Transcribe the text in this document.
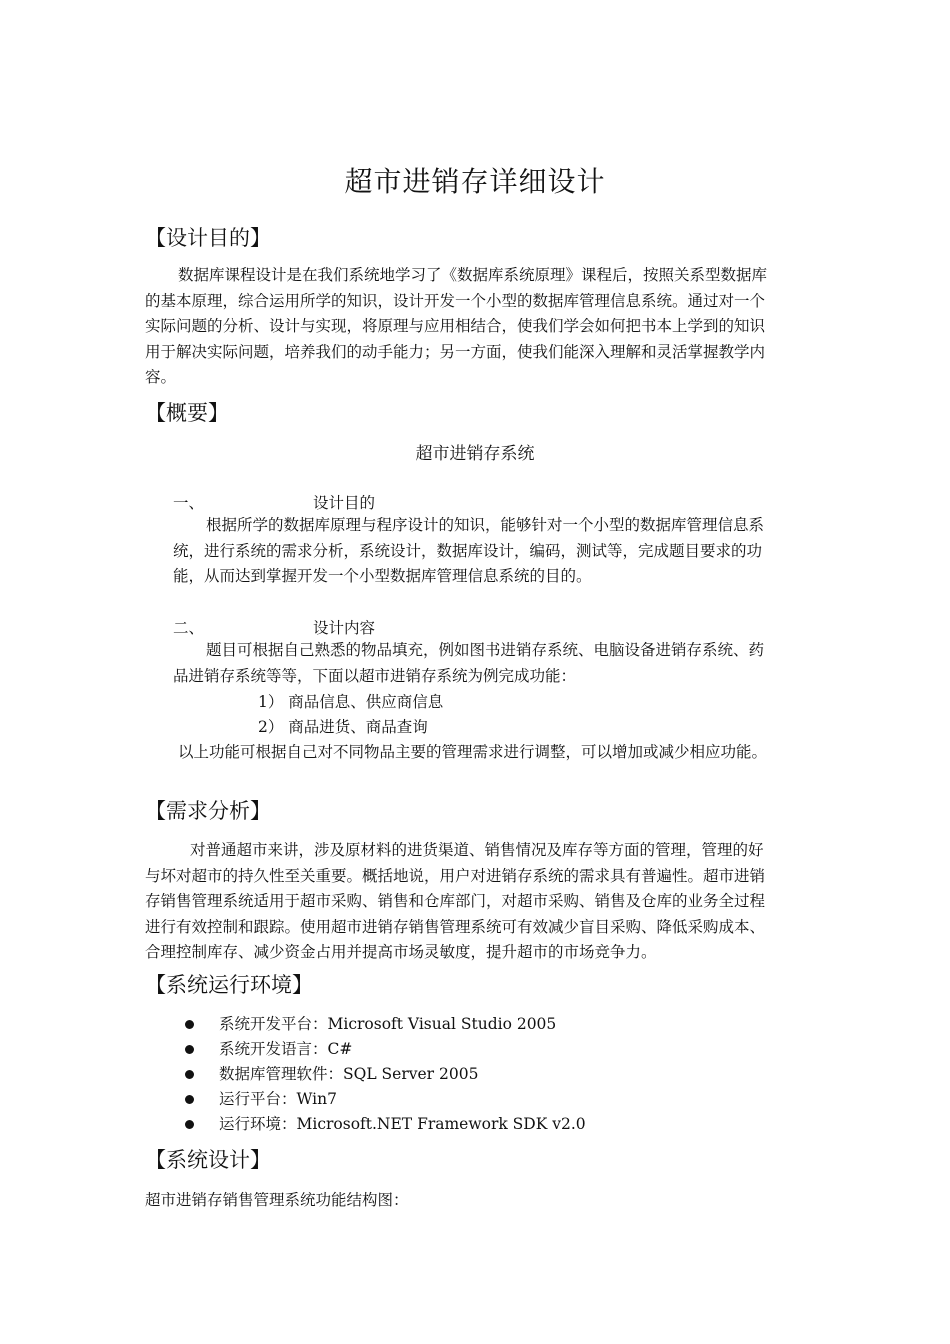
超市进销存详细设计
【设计目的】
数据库课程设计是在我们系统地学习了《数据库系统原理》课程后，按照关系型数据库
的基本原理，综合运用所学的知识，设计开发一个小型的数据库管理信息系统。通过对一个
实际问题的分析、设计与实现，将原理与应用相结合，使我们学会如何把书本上学到的知识
用于解决实际问题，培养我们的动手能力；另一方面，使我们能深入理解和灵活掌握教学内
容。
【概要】
超市进销存系统
一、	设计目的
根据所学的数据库原理与程序设计的知识，能够针对一个小型的数据库管理信息系
统，进行系统的需求分析，系统设计，数据库设计，编码，测试等，完成题目要求的功
能，从而达到掌握开发一个小型数据库管理信息系统的目的。
二、	设计内容
题目可根据自己熟悉的物品填充，例如图书进销存系统、电脑设备进销存系统、药
品进销存系统等等，下面以超市进销存系统为例完成功能：
1） 商品信息、供应商信息
2） 商品进货、商品查询
以上功能可根据自己对不同物品主要的管理需求进行调整，可以增加或减少相应功能。
【需求分析】
对普通超市来讲，涉及原材料的进货渠道、销售情况及库存等方面的管理，管理的好
与坏对超市的持久性至关重要。概括地说，用户对进销存系统的需求具有普遍性。超市进销
存销售管理系统适用于超市采购、销售和仓库部门，对超市采购、销售及仓库的业务全过程
进行有效控制和跟踪。使用超市进销存销售管理系统可有效减少盲目采购、降低采购成本、
合理控制库存、减少资金占用并提高市场灵敏度，提升超市的市场竞争力。
【系统运行环境】
系统开发平台：Microsoft Visual Studio 2005
系统开发语言：C#
数据库管理软件：SQL Server 2005
运行平台：Win7
运行环境：Microsoft.NET Framework SDK v2.0
【系统设计】
超市进销存销售管理系统功能结构图：
